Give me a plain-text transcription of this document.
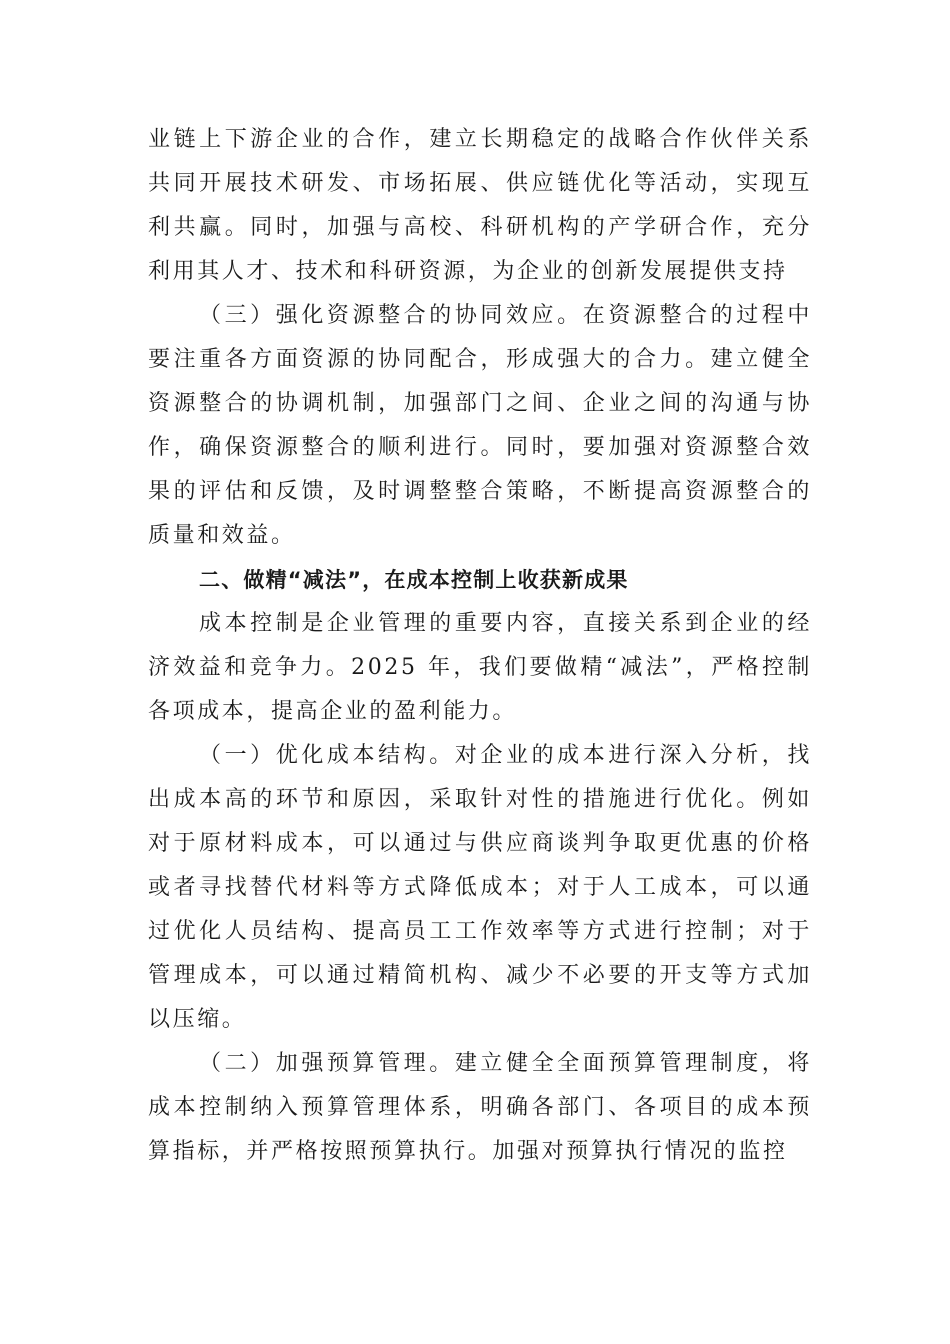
业链上下游企业的合作，建立长期稳定的战略合作伙伴关系共同开展技术研发、市场拓展、供应链优化等活动，实现互利共赢。同时，加强与高校、科研机构的产学研合作，充分利用其人才、技术和科研资源，为企业的创新发展提供支持

（三）强化资源整合的协同效应。在资源整合的过程中要注重各方面资源的协同配合，形成强大的合力。建立健全资源整合的协调机制，加强部门之间、企业之间的沟通与协作，确保资源整合的顺利进行。同时，要加强对资源整合效果的评估和反馈，及时调整整合策略，不断提高资源整合的质量和效益。

二、做精“减法”，在成本控制上收获新成果

成本控制是企业管理的重要内容，直接关系到企业的经济效益和竞争力。2025 年，我们要做精“减法”，严格控制各项成本，提高企业的盈利能力。

（一）优化成本结构。对企业的成本进行深入分析，找出成本高的环节和原因，采取针对性的措施进行优化。例如对于原材料成本，可以通过与供应商谈判争取更优惠的价格或者寻找替代材料等方式降低成本；对于人工成本，可以通过优化人员结构、提高员工工作效率等方式进行控制；对于管理成本，可以通过精简机构、减少不必要的开支等方式加以压缩。

（二）加强预算管理。建立健全全面预算管理制度，将成本控制纳入预算管理体系，明确各部门、各项目的成本预算指标，并严格按照预算执行。加强对预算执行情况的监控
